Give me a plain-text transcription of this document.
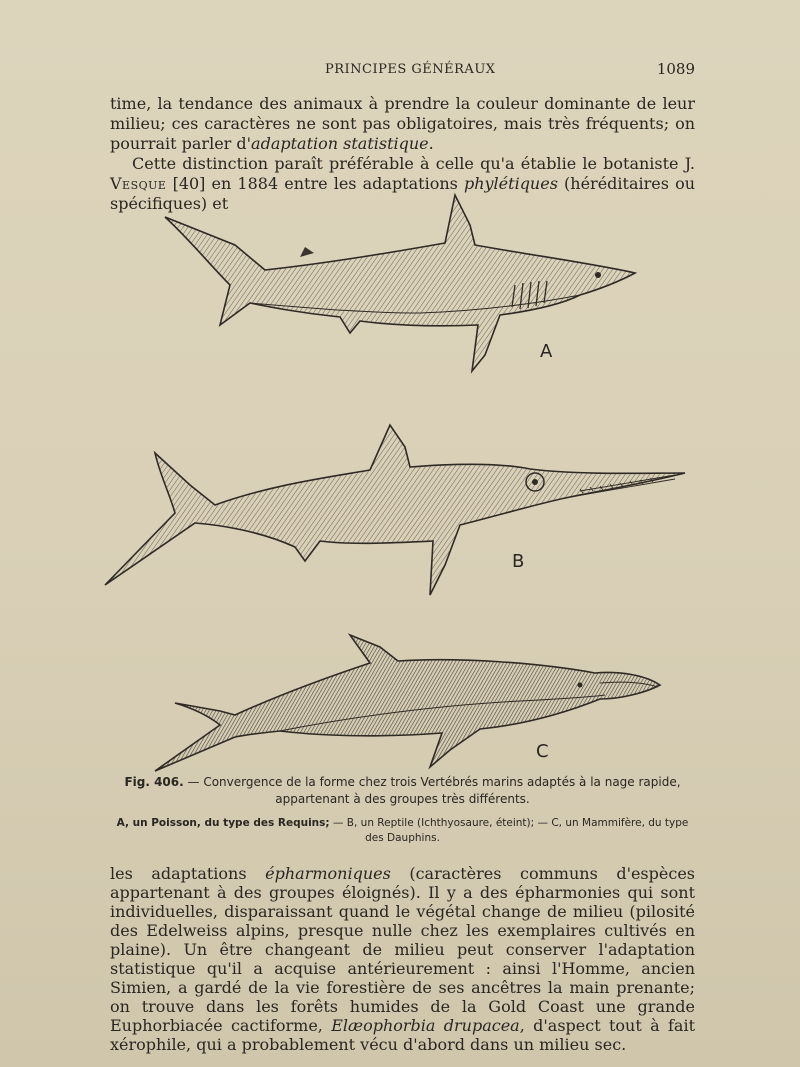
PRINCIPES GÉNÉRAUX	1089
time, la tendance des animaux à prendre la couleur dominante de leur milieu; ces caractères ne sont pas obligatoires, mais très fréquents; on pourrait parler d'adaptation statistique.
Cette distinction paraît préférable à celle qu'a établie le botaniste J. Vesque [40] en 1884 entre les adaptations phylétiques (héréditaires ou spécifiques) et
A
B
C
Fig. 406. — Convergence de la forme chez trois Vertébrés marins adaptés à la nage rapide, appartenant à des groupes très différents.
A, un Poisson, du type des Requins; — B, un Reptile (Ichthyosaure, éteint); — C, un Mammifère, du type des Dauphins.
les adaptations épharmoniques (caractères communs d'espèces appartenant à des groupes éloignés). Il y a des épharmonies qui sont individuelles, disparaissant quand le végétal change de milieu (pilosité des Edelweiss alpins, presque nulle chez les exemplaires cultivés en plaine). Un être changeant de milieu peut conserver l'adaptation statistique qu'il a acquise antérieurement : ainsi l'Homme, ancien Simien, a gardé de la vie forestière de ses ancêtres la main prenante; on trouve dans les forêts humides de la Gold Coast une grande Euphorbiacée cactiforme, Elæophorbia drupacea, d'aspect tout à fait xérophile, qui a probablement vécu d'abord dans un milieu sec.
